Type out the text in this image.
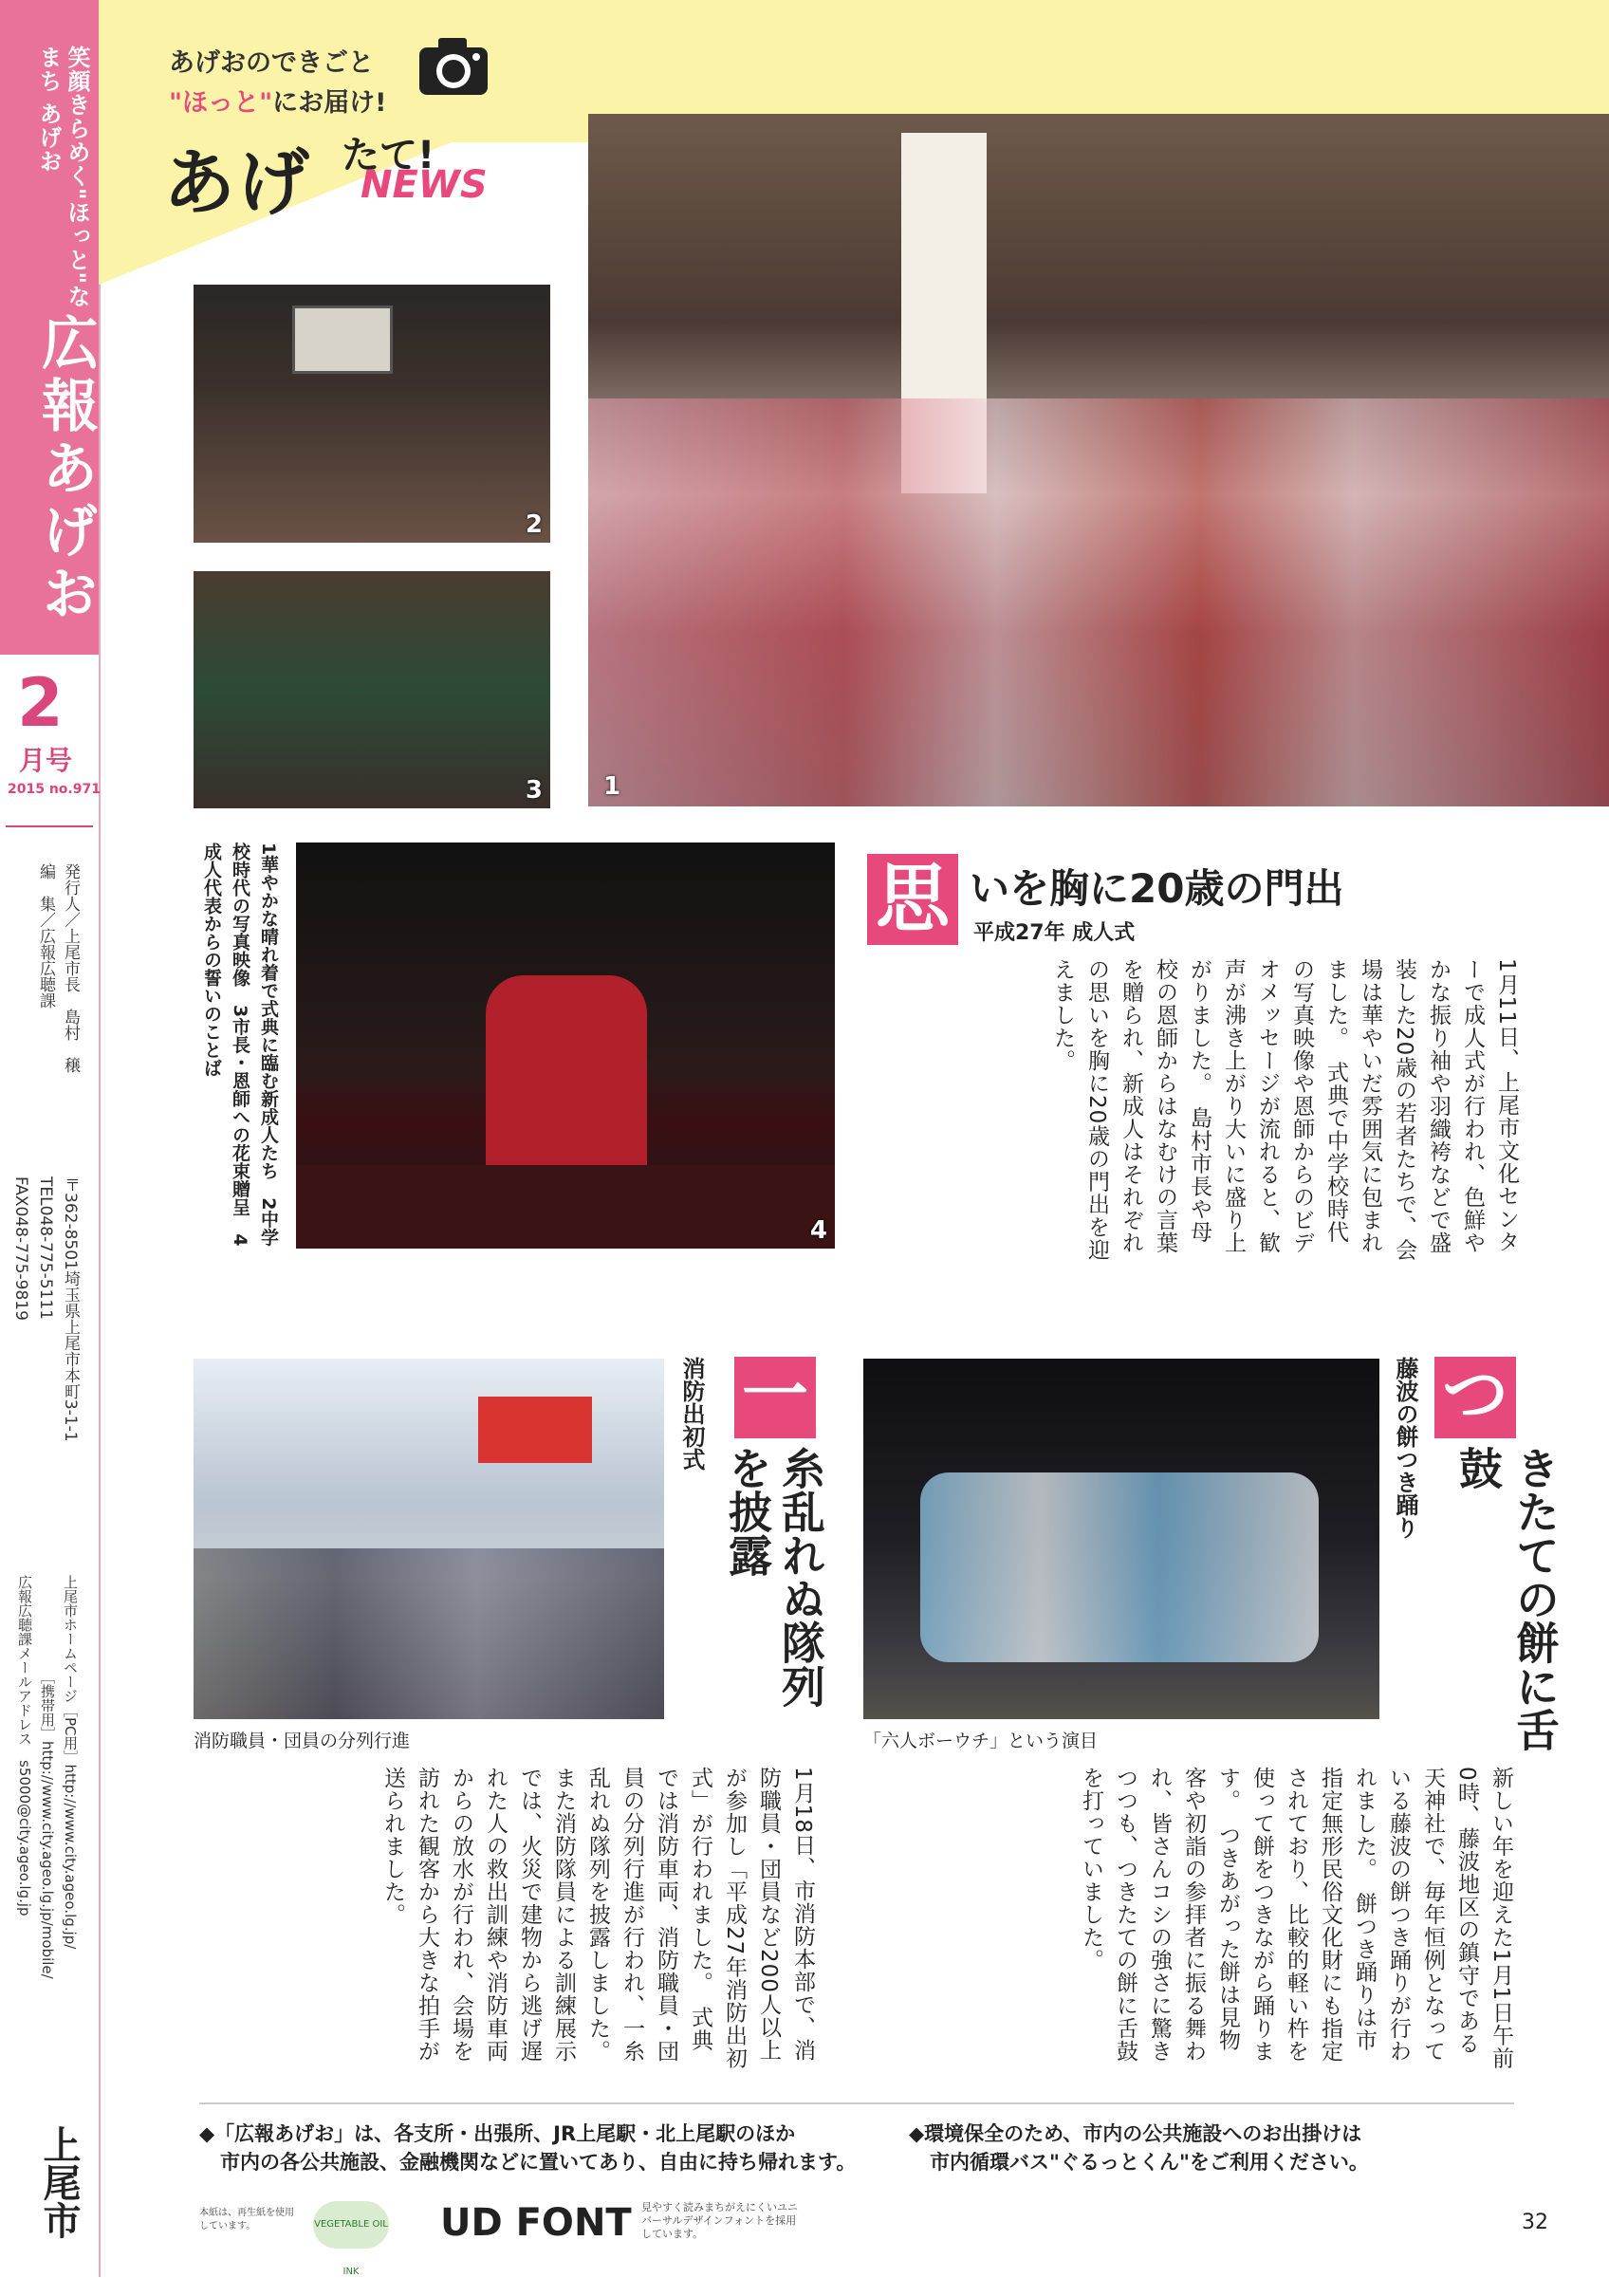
笑顔きらめく"ほっと"なまち あげお
広報あげお
2
月号
2015 no.971
発行人／上尾市長　島村　穣
編　集／広報広聴課
〒362-8501埼玉県上尾市本町3-1-1
TEL048-775-5111
FAX048-775-9819
上尾市ホームページ［PC用］http://www.city.ageo.lg.jp/
［携帯用］http://www.city.ageo.lg.jp/mobile/
広報広聴課メールアドレス　s5000@city.ageo.lg.jp
上尾市
あげおのできごと
"ほっと"にお届け!
あげ たて!
NEWS
1
2
3
4
1華やかな晴れ着で式典に臨む新成人たち　2中学校時代の写真映像　3市長・恩師への花束贈呈　4成人代表からの誓いのことば
消防職員・団員の分列行進	「六人ボーウチ」という演目
思 いを胸に20歳の門出
平成27年 成人式
1月11日、上尾市文化センターで成人式が行われ、色鮮やかな振り袖や羽織袴などで盛装した20歳の若者たちで、会場は華やいだ雰囲気に包まれました。　式典で中学校時代の写真映像や恩師からのビデオメッセージが流れると、歓声が沸き上がり大いに盛り上がりました。　島村市長や母校の恩師からはなむけの言葉を贈られ、新成人はそれぞれの思いを胸に20歳の門出を迎えました。
藤波の餅つき踊り つ
きたての餅に舌鼓
新しい年を迎えた1月1日午前0時、藤波地区の鎮守である天神社で、毎年恒例となっている藤波の餅つき踊りが行われました。　餅つき踊りは市指定無形民俗文化財にも指定されており、比較的軽い杵を使って餅をつきながら踊ります。　つきあがった餅は見物客や初詣の参拝者に振る舞われ、皆さんコシの強さに驚きつつも、つきたての餅に舌鼓を打っていました。
消防出初式 一
糸乱れぬ隊列を披露
1月18日、市消防本部で、消防職員・団員など200人以上が参加し「平成27年消防出初式」が行われました。　式典では消防車両、消防職員・団員の分列行進が行われ、一糸乱れぬ隊列を披露しました。また消防隊員による訓練展示では、火災で建物から逃げ遅れた人の救出訓練や消防車両からの放水が行われ、会場を訪れた観客から大きな拍手が送られました。
◆「広報あげお」は、各支所・出張所、JR上尾駅・北上尾駅のほか
市内の各公共施設、金融機関などに置いてあり、自由に持ち帰れます。
◆環境保全のため、市内の公共施設へのお出掛けは
市内循環バス"ぐるっとくん"をご利用ください。
本紙は、再生紙を使用しています。	VEGETABLE OIL INK
UD FONT 見やすく読みまちがえにくいユニバーサルデザインフォントを採用しています。	32
